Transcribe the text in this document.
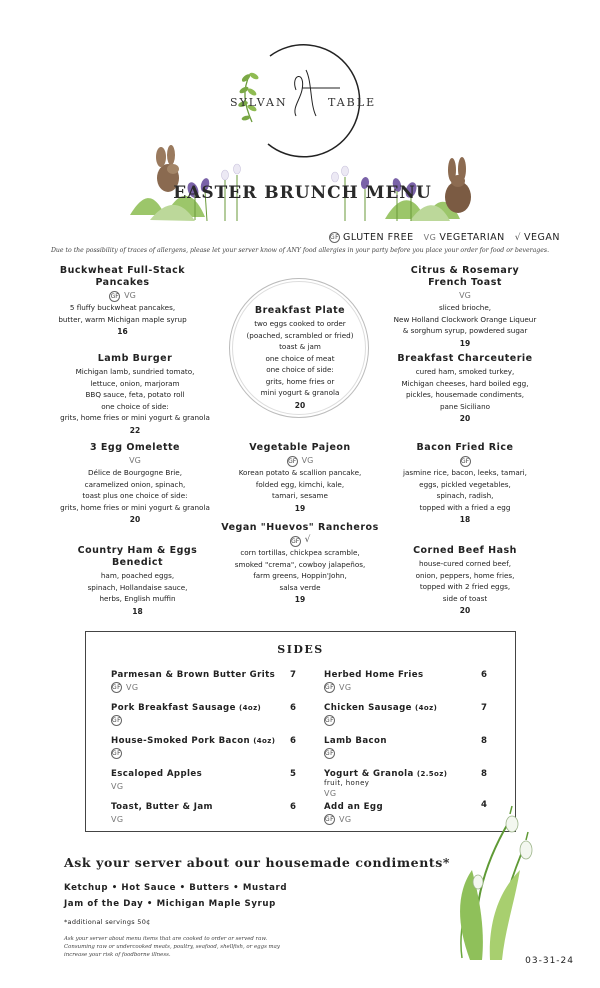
SYLVAN	TABLE
EASTER BRUNCH MENU
GF GLUTEN FREE VG VEGETARIAN √ VEGAN
Due to the possibility of traces of allergens, please let your server know of ANY food allergies in your party before you place your order for food or beverages.
Buckwheat Full-Stack
Pancakes
GF VG
5 fluffy buckwheat pancakes,
butter, warm Michigan maple syrup
16
Breakfast Plate
two eggs cooked to order
(poached, scrambled or fried)
toast & jam
one choice of meat
one choice of side:
grits, home fries or
mini yogurt & granola
20
Citrus & Rosemary
French Toast
VG
sliced brioche,
New Holland Clockwork Orange Liqueur
& sorghum syrup, powdered sugar
19
Lamb Burger
Michigan lamb, sundried tomato,
lettuce, onion, marjoram
BBQ sauce, feta, potato roll
one choice of side:
grits, home fries or mini yogurt & granola
22
Breakfast Charceuterie
cured ham, smoked turkey,
Michigan cheeses, hard boiled egg,
pickles, housemade condiments,
pane Siciliano
20
3 Egg Omelette
VG
Délice de Bourgogne Brie,
caramelized onion, spinach,
toast plus one choice of side:
grits, home fries or mini yogurt & granola
20
Vegetable Pajeon
GF VG
Korean potato & scallion pancake,
folded egg, kimchi, kale,
tamari, sesame
19
Bacon Fried Rice
GF
jasmine rice, bacon, leeks, tamari,
eggs, pickled vegetables,
spinach, radish,
topped with a fried a egg
18
Vegan "Huevos" Rancheros
GF √
corn tortillas, chickpea scramble,
smoked "crema", cowboy jalapeños,
farm greens, Hoppin'John,
salsa verde
19
Country Ham & Eggs
Benedict
ham, poached eggs,
spinach, Hollandaise sauce,
herbs, English muffin
18
Corned Beef Hash
house-cured corned beef,
onion, peppers, home fries,
topped with 2 fried eggs,
side of toast
20
SIDES
Parmesan & Brown Butter Grits
GF VG
7
Pork Breakfast Sausage (4oz)
GF
6
House-Smoked Pork Bacon (4oz)
GF
6
Escaloped Apples
VG
5
Toast, Butter & Jam
VG
6
Herbed Home Fries
GF VG
6
Chicken Sausage (4oz)
GF
7
Lamb Bacon
GF
8
Yogurt & Granola (2.5oz)
fruit, honey
VG
8
Add an Egg
GF VG
4
Ask your server about our housemade condiments*
Ketchup • Hot Sauce • Butters • Mustard
Jam of the Day • Michigan Maple Syrup
*additional servings 50¢
Ask your server about menu items that are cooked to order or served raw. Consuming raw or undercooked meats, poultry, seafood, shellfish, or eggs may increase your risk of foodborne illness.
03-31-24
